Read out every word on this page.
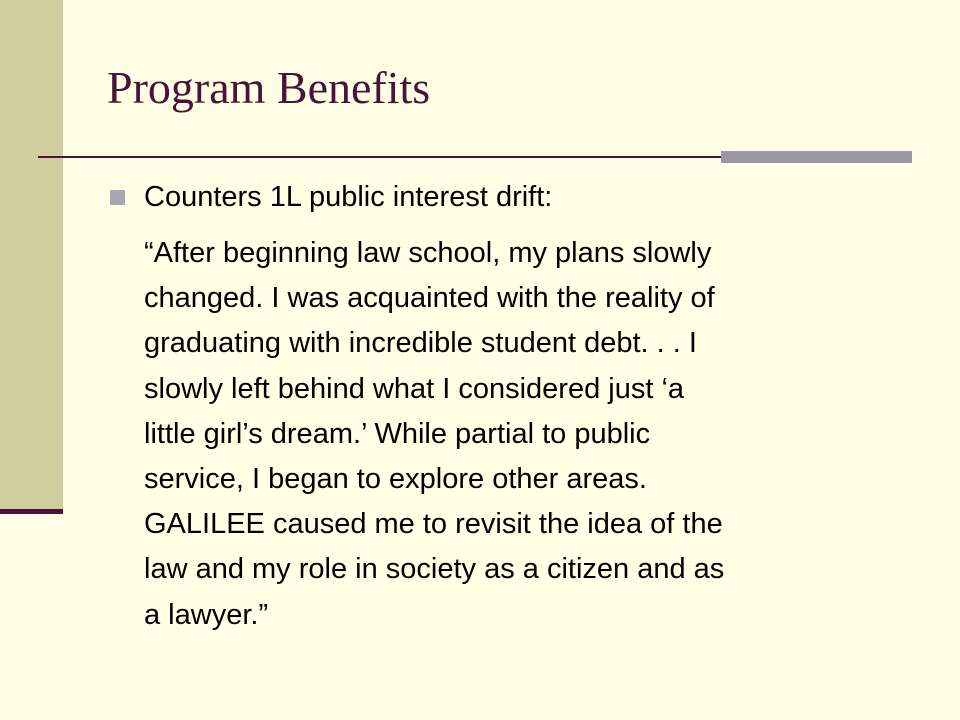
Program Benefits
Counters 1L public interest drift:
“After beginning law school, my plans slowly
changed. I was acquainted with the reality of
graduating with incredible student debt. . . I
slowly left behind what I considered just ‘a
little girl’s dream.’ While partial to public
service, I began to explore other areas.
GALILEE caused me to revisit the idea of the
law and my role in society as a citizen and as
a lawyer.”
